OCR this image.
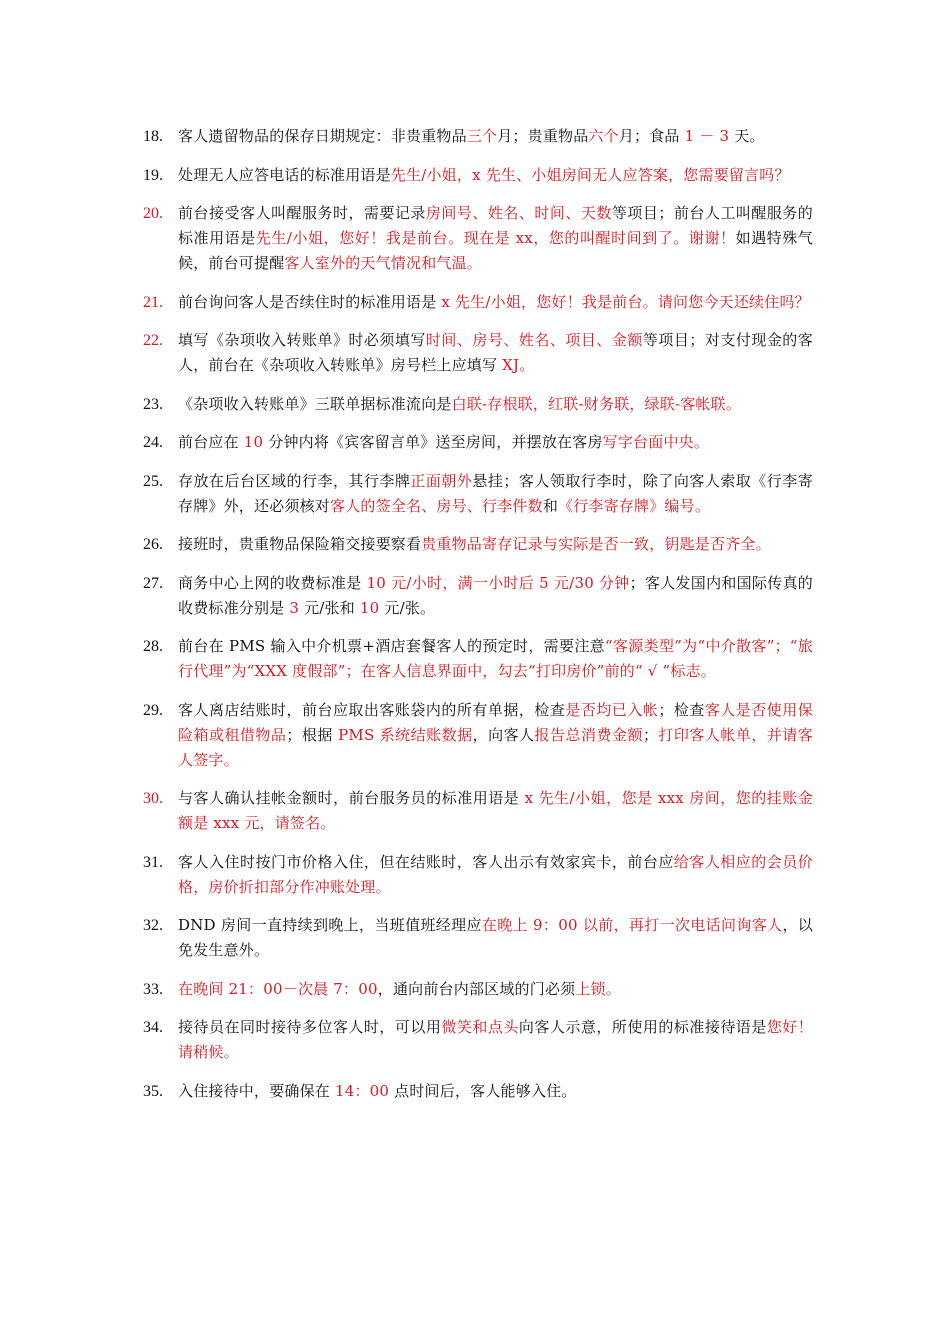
18.	客人遗留物品的保存日期规定：非贵重物品三个月；贵重物品六个月；食品 1 － 3 天。
19.	处理无人应答电话的标准用语是先生/小姐，x 先生、小姐房间无人应答案，您需要留言吗？
20.	前台接受客人叫醒服务时，需要记录房间号、姓名、时间、天数等项目；前台人工叫醒服务的标准用语是先生/小姐，您好！我是前台。现在是 xx，您的叫醒时间到了。谢谢！如遇特殊气候，前台可提醒客人室外的天气情况和气温。
21.	前台询问客人是否续住时的标准用语是 x 先生/小姐，您好！我是前台。请问您今天还续住吗？
22.	填写《杂项收入转账单》时必须填写时间、房号、姓名、项目、金额等项目；对支付现金的客人，前台在《杂项收入转账单》房号栏上应填写 XJ。
23.	《杂项收入转账单》三联单据标准流向是白联-存根联，红联-财务联，绿联-客帐联。
24.	前台应在 10 分钟内将《宾客留言单》送至房间，并摆放在客房写字台面中央。
25.	存放在后台区域的行李，其行李牌正面朝外悬挂；客人领取行李时，除了向客人索取《行李寄存牌》外，还必须核对客人的签全名、房号、行李件数和《行李寄存牌》编号。
26.	接班时，贵重物品保险箱交接要察看贵重物品寄存记录与实际是否一致，钥匙是否齐全。
27.	商务中心上网的收费标准是 10 元/小时，满一小时后 5 元/30 分钟；客人发国内和国际传真的收费标准分别是 3 元/张和 10 元/张。
28.	前台在 PMS 输入中介机票+酒店套餐客人的预定时，需要注意“客源类型”为“中介散客”；“旅行代理”为“XXX 度假部”；在客人信息界面中，勾去“打印房价”前的“ √ ”标志。
29.	客人离店结账时，前台应取出客账袋内的所有单据，检查是否均已入帐；检查客人是否使用保险箱或租借物品；根据 PMS 系统结账数据，向客人报告总消费金额；打印客人帐单，并请客人签字。
30.	与客人确认挂帐金额时，前台服务员的标准用语是 x 先生/小姐，您是 xxx 房间，您的挂账金额是 xxx 元，请签名。
31.	客人入住时按门市价格入住，但在结账时，客人出示有效家宾卡，前台应给客人相应的会员价格，房价折扣部分作冲账处理。
32.	DND 房间一直持续到晚上，当班值班经理应在晚上 9：00 以前，再打一次电话问询客人，以免发生意外。
33.	在晚间 21：00－次晨 7：00，通向前台内部区域的门必须上锁。
34.	接待员在同时接待多位客人时，可以用微笑和点头向客人示意，所使用的标准接待语是您好！请稍候。
35.	入住接待中，要确保在 14：00 点时间后，客人能够入住。
